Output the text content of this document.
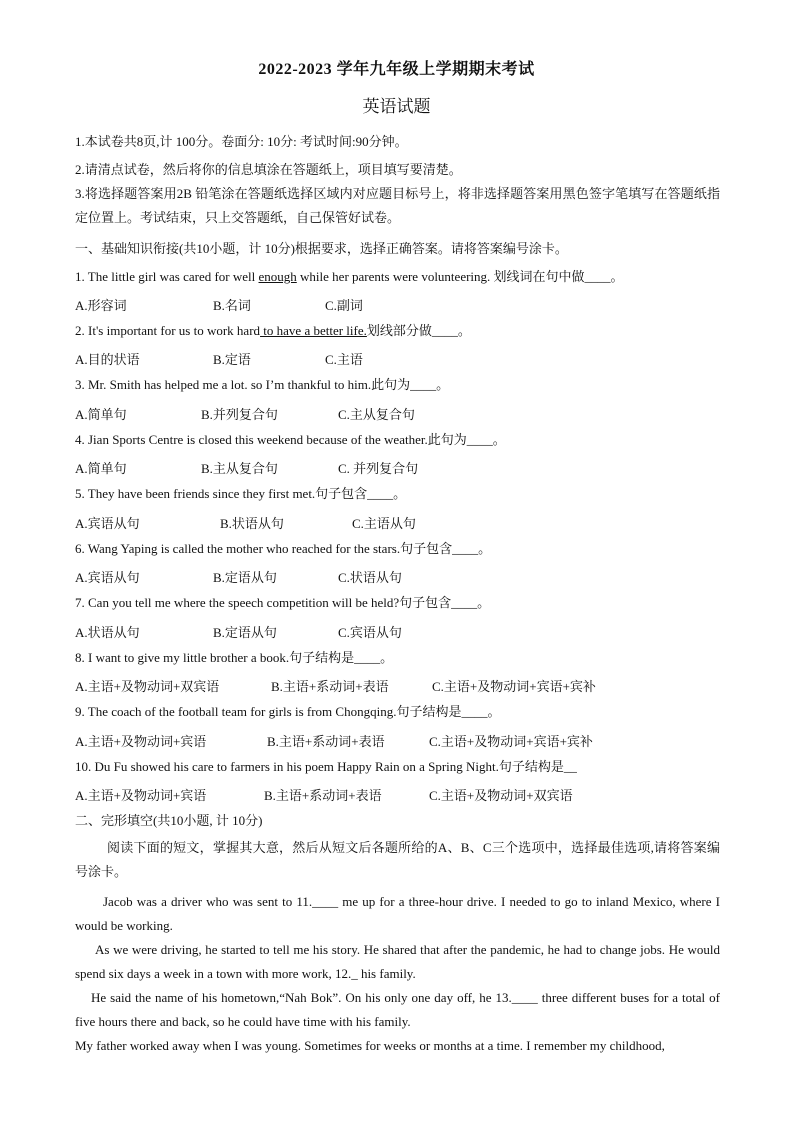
2022-2023 学年九年级上学期期末考试
英语试题
1.本试卷共8页,计 100分。卷面分: 10分: 考试时间:90分钟。
2.请清点试卷，然后将你的信息填涂在答题纸上，项目填写要清楚。
3.将选择题答案用2B 铅笔涂在答题纸选择区域内对应题目标号上，将非选择题答案用黑色签字笔填写在答题纸指定位置上。考试结束，只上交答题纸，自己保管好试卷。
一、基础知识衔接(共10小题，计 10分)根据要求，选择正确答案。请将答案编号涂卡。
1. The little girl was cared for well enough while her parents were volunteering. 划线词在句中做____。
A.形容词	B.名词	C.副词
2. It's important for us to work hard to have a better life.划线部分做____。
A.目的状语	B.定语	C.主语
3. Mr. Smith has helped me a lot. so I’m thankful to him.此句为____。
A.简单句	B.并列复合句	C.主从复合句
4. Jian Sports Centre is closed this weekend because of the weather.此句为____。
A.简单句	B.主从复合句	C. 并列复合句
5. They have been friends since they first met.句子包含____。
A.宾语从句	B.状语从句	C.主语从句
6. Wang Yaping is called the mother who reached for the stars.句子包含____。
A.宾语从句	B.定语从句	C.状语从句
7. Can you tell me where the speech competition will be held?句子包含____。
A.状语从句	B.定语从句	C.宾语从句
8. I want to give my little brother a book.句子结构是____。
A.主语+及物动词+双宾语	B.主语+系动词+表语	C.主语+及物动词+宾语+宾补
9. The coach of the football team for girls is from Chongqing.句子结构是____。
A.主语+及物动词+宾语	B.主语+系动词+表语	C.主语+及物动词+宾语+宾补
10. Du Fu showed his care to farmers in his poem Happy Rain on a Spring Night.句子结构是__
A.主语+及物动词+宾语	B.主语+系动词+表语	C.主语+及物动词+双宾语
二、完形填空(共10小题, 计 10分)
阅读下面的短文，掌握其大意，然后从短文后各题所给的A、B、C三个选项中，选择最佳选项,请将答案编号涂卡。
Jacob was a driver who was sent to 11.____ me up for a three-hour drive. I needed to go to inland Mexico, where I would be working.
As we were driving, he started to tell me his story. He shared that after the pandemic, he had to change jobs. He would spend six days a week in a town with more work, 12._ his family.
He said the name of his hometown,“Nah Bok”. On his only one day off, he 13.____ three different buses for a total of five hours there and back, so he could have time with his family.
My father worked away when I was young. Sometimes for weeks or months at a time. I remember my childhood,
